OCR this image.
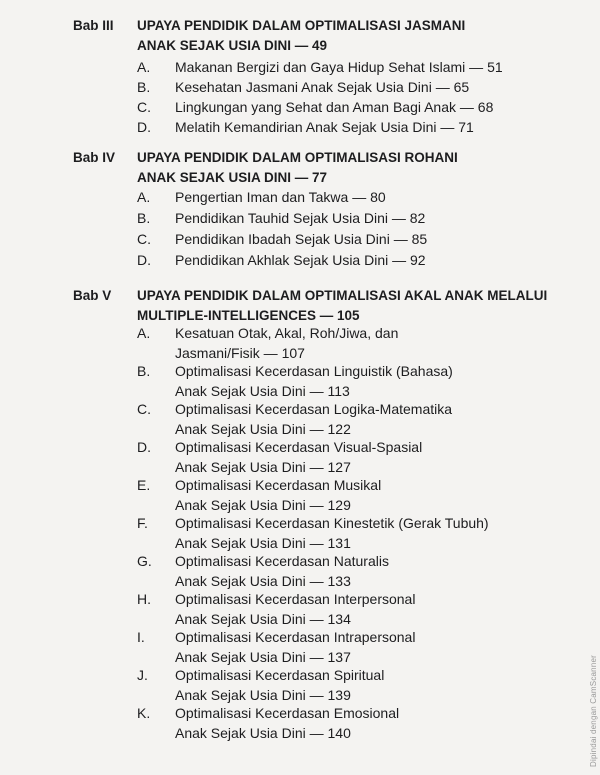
Bab III UPAYA PENDIDIK DALAM OPTIMALISASI JASMANI
ANAK SEJAK USIA DINI — 49
A. Makanan Bergizi dan Gaya Hidup Sehat Islami — 51
B. Kesehatan Jasmani Anak Sejak Usia Dini — 65
C. Lingkungan yang Sehat dan Aman Bagi Anak — 68
D. Melatih Kemandirian Anak Sejak Usia Dini — 71
Bab IV UPAYA PENDIDIK DALAM OPTIMALISASI ROHANI
ANAK SEJAK USIA DINI — 77
A. Pengertian Iman dan Takwa — 80
B. Pendidikan Tauhid Sejak Usia Dini — 82
C. Pendidikan Ibadah Sejak Usia Dini — 85
D. Pendidikan Akhlak Sejak Usia Dini — 92
Bab V UPAYA PENDIDIK DALAM OPTIMALISASI AKAL ANAK MELALUI
MULTIPLE-INTELLIGENCES — 105
A. Kesatuan Otak, Akal, Roh/Jiwa, dan
Jasmani/Fisik — 107
B. Optimalisasi Kecerdasan Linguistik (Bahasa)
Anak Sejak Usia Dini — 113
C. Optimalisasi Kecerdasan Logika-Matematika
Anak Sejak Usia Dini — 122
D. Optimalisasi Kecerdasan Visual-Spasial
Anak Sejak Usia Dini — 127
E. Optimalisasi Kecerdasan Musikal
Anak Sejak Usia Dini — 129
F. Optimalisasi Kecerdasan Kinestetik (Gerak Tubuh)
Anak Sejak Usia Dini — 131
G. Optimalisasi Kecerdasan Naturalis
Anak Sejak Usia Dini — 133
H. Optimalisasi Kecerdasan Interpersonal
Anak Sejak Usia Dini — 134
I. Optimalisasi Kecerdasan Intrapersonal
Anak Sejak Usia Dini — 137
J. Optimalisasi Kecerdasan Spiritual
Anak Sejak Usia Dini — 139
K. Optimalisasi Kecerdasan Emosional
Anak Sejak Usia Dini — 140	Dipindai dengan CamScanner
